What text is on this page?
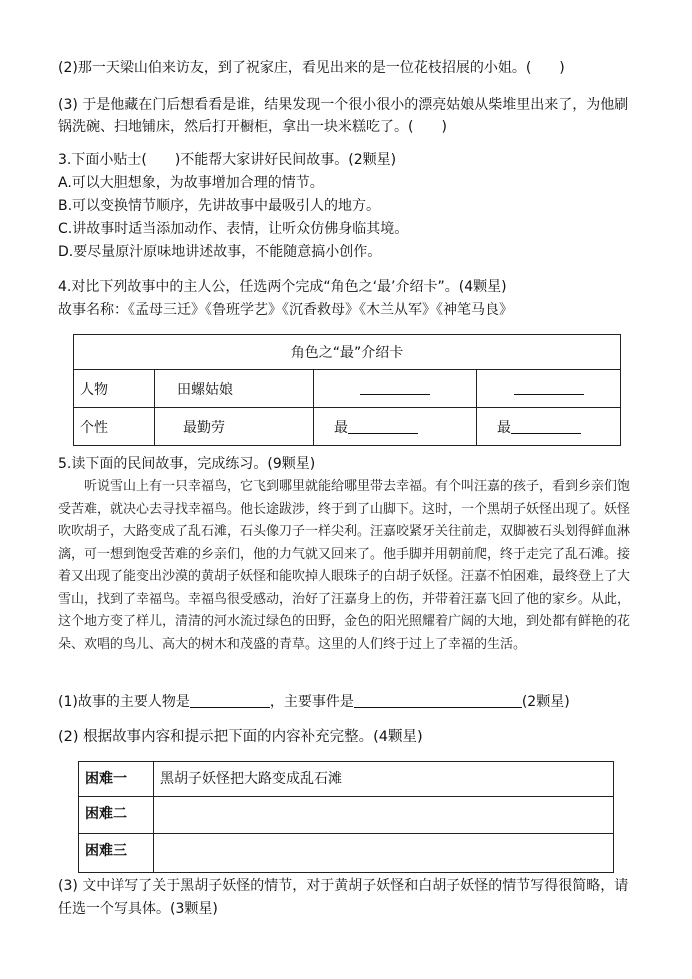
(2)那一天梁山伯来访友，到了祝家庄，看见出来的是一位花枝招展的小姐。(　　)
(3) 于是他藏在门后想看看是谁，结果发现一个很小很小的漂亮姑娘从柴堆里出来了，为他刷
锅洗碗、扫地铺床，然后打开橱柜，拿出一块米糕吃了。(　　)
3.下面小贴士(　　)不能帮大家讲好民间故事。(2颗星)
A.可以大胆想象，为故事增加合理的情节。
B.可以变换情节顺序，先讲故事中最吸引人的地方。
C.讲故事时适当添加动作、表情，让听众仿佛身临其境。
D.要尽量原汁原味地讲述故事，不能随意搞小创作。
4.对比下列故事中的主人公，任选两个完成“角色之‘最’介绍卡”。(4颗星)
故事名称：《孟母三迁》《鲁班学艺》《沉香救母》《木兰从军》《神笔马良》
角色之“最”介绍卡			
人物	田螺姑娘		
个性	最勤劳	最	最
5.读下面的民间故事，完成练习。(9颗星)

听说雪山上有一只幸福鸟，它飞到哪里就能给哪里带去幸福。有个叫汪嘉的孩子，看到乡亲们饱受苦难，就决心去寻找幸福鸟。他长途跋涉，终于到了山脚下。这时，一个黑胡子妖怪出现了。妖怪吹吹胡子，大路变成了乱石滩，石头像刀子一样尖利。汪嘉咬紧牙关往前走，双脚被石头划得鲜血淋漓，可一想到饱受苦难的乡亲们，他的力气就又回来了。他手脚并用朝前爬，终于走完了乱石滩。接着又出现了能变出沙漠的黄胡子妖怪和能吹掉人眼珠子的白胡子妖怪。汪嘉不怕困难，最终登上了大雪山，找到了幸福鸟。幸福鸟很受感动，治好了汪嘉身上的伤，并带着汪嘉飞回了他的家乡。从此，这个地方变了样儿，清清的河水流过绿色的田野，金色的阳光照耀着广阔的大地，到处都有鲜艳的花朵、欢唱的鸟儿、高大的树木和茂盛的青草。这里的人们终于过上了幸福的生活。

(1)故事的主要人物是	，主要事件是	(2颗星)
(2) 根据故事内容和提示把下面的内容补充完整。(4颗星)
困难一	黑胡子妖怪把大路变成乱石滩
困难二	
困难三	
(3) 文中详写了关于黑胡子妖怪的情节，对于黄胡子妖怪和白胡子妖怪的情节写得很简略，请
任选一个写具体。(3颗星)
